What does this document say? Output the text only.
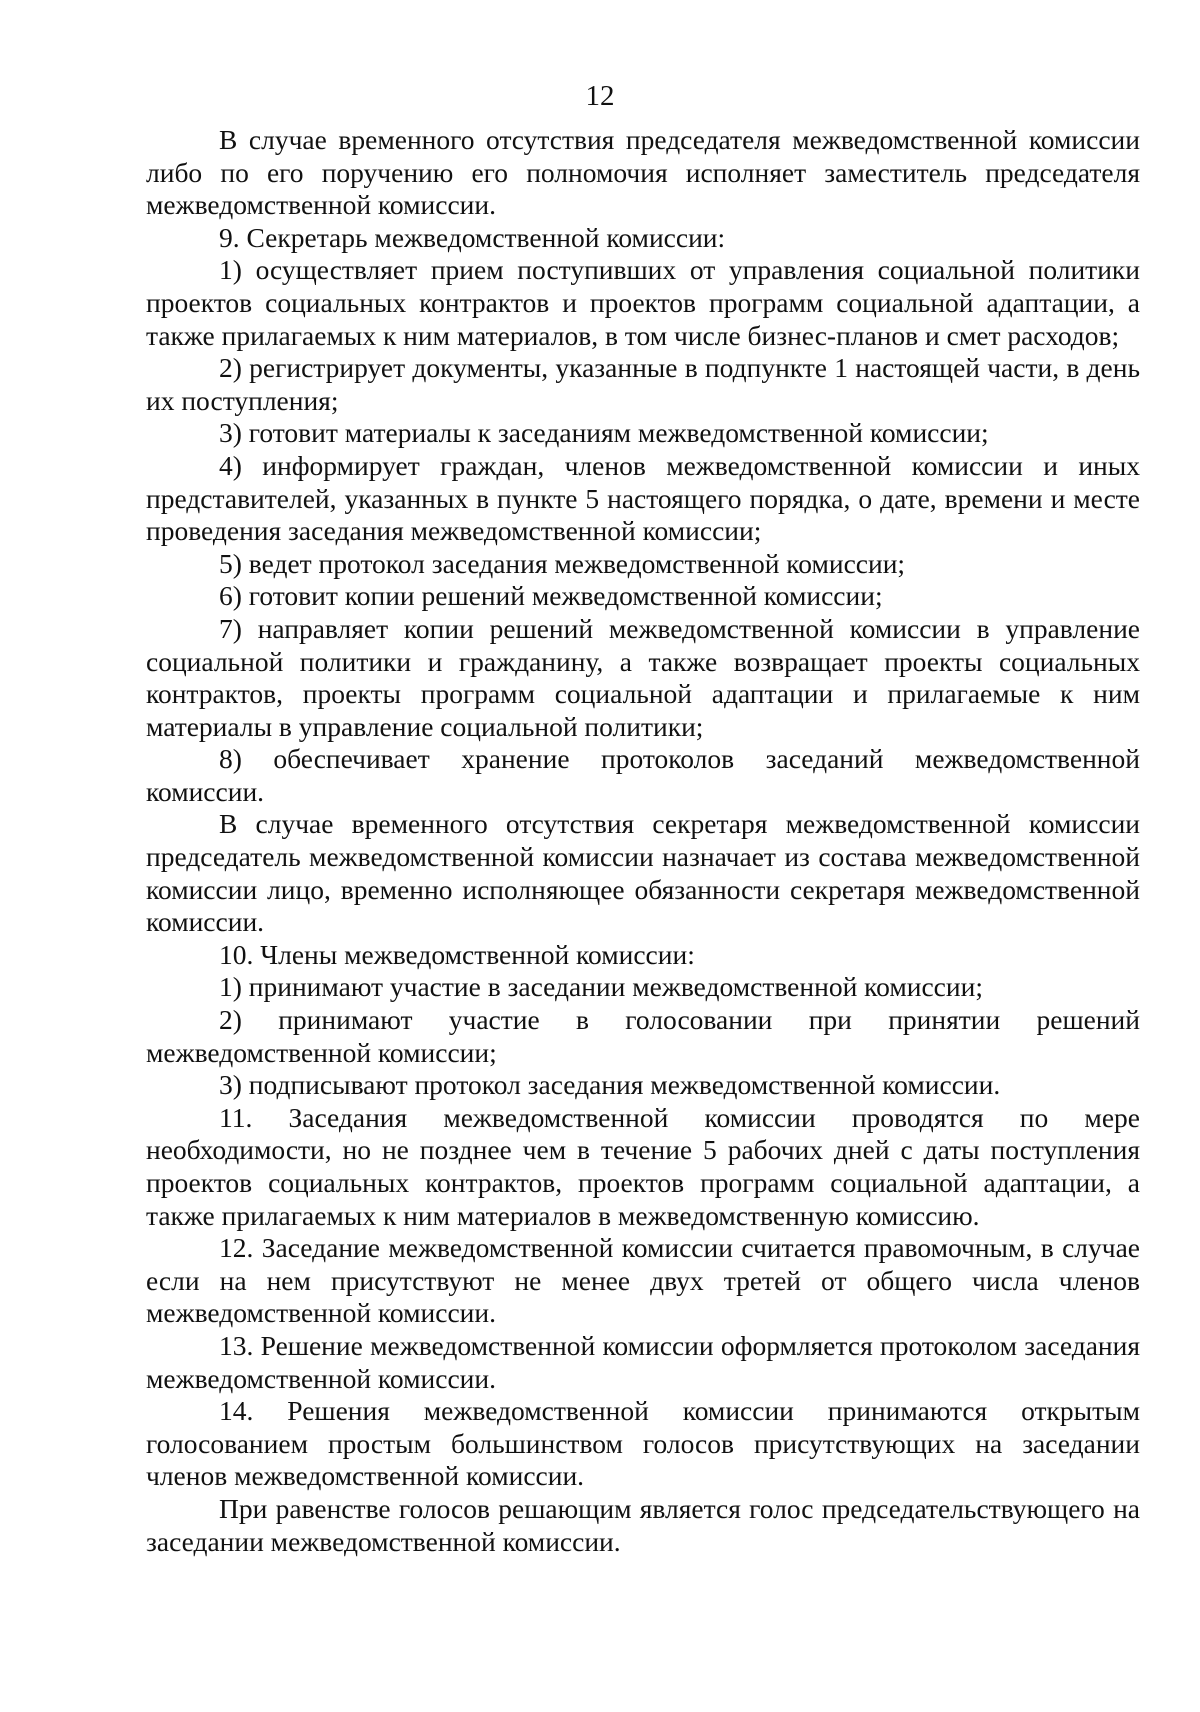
12

В случае временного отсутствия председателя межведомственной комиссии либо по его поручению его полномочия исполняет заместитель председателя межведомственной комиссии.

9. Секретарь межведомственной комиссии:

1) осуществляет прием поступивших от управления социальной политики проектов социальных контрактов и проектов программ социальной адаптации, а также прилагаемых к ним материалов, в том числе бизнес-планов и смет расходов;

2) регистрирует документы, указанные в подпункте 1 настоящей части, в день их поступления;

3) готовит материалы к заседаниям межведомственной комиссии;

4) информирует граждан, членов межведомственной комиссии и иных представителей, указанных в пункте 5 настоящего порядка, о дате, времени и месте проведения заседания межведомственной комиссии;

5) ведет протокол заседания межведомственной комиссии;

6) готовит копии решений межведомственной комиссии;

7) направляет копии решений межведомственной комиссии в управление социальной политики и гражданину, а также возвращает проекты социальных контрактов, проекты программ социальной адаптации и прилагаемые к ним материалы в управление социальной политики;

8) обеспечивает хранение протоколов заседаний межведомственной комиссии.

В случае временного отсутствия секретаря межведомственной комиссии председатель межведомственной комиссии назначает из состава межведомственной комиссии лицо, временно исполняющее обязанности секретаря межведомственной комиссии.

10. Члены межведомственной комиссии:

1) принимают участие в заседании межведомственной комиссии;

2) принимают участие в голосовании при принятии решений межведомственной комиссии;

3) подписывают протокол заседания межведомственной комиссии.

11. Заседания межведомственной комиссии проводятся по мере необходимости, но не позднее чем в течение 5 рабочих дней с даты поступления проектов социальных контрактов, проектов программ социальной адаптации, а также прилагаемых к ним материалов в межведомственную комиссию.

12. Заседание межведомственной комиссии считается правомочным, в случае если на нем присутствуют не менее двух третей от общего числа членов межведомственной комиссии.

13. Решение межведомственной комиссии оформляется протоколом заседания межведомственной комиссии.

14. Решения межведомственной комиссии принимаются открытым голосованием простым большинством голосов присутствующих на заседании членов межведомственной комиссии.

При равенстве голосов решающим является голос председательствующего на заседании межведомственной комиссии.
